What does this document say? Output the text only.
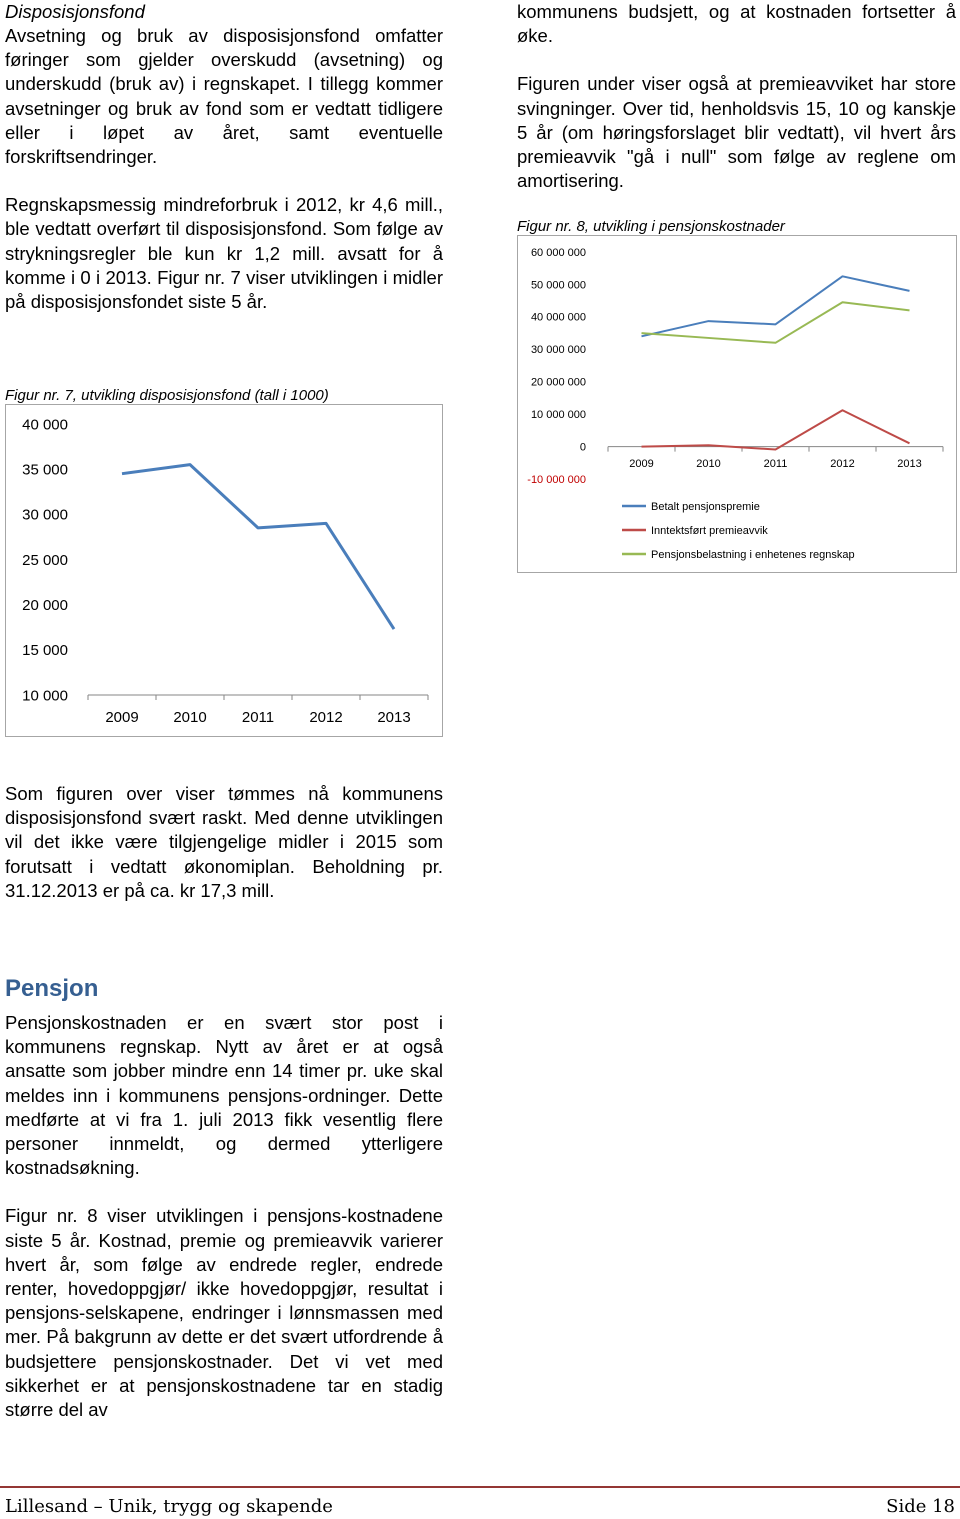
Disposisjonsfond

Avsetning og bruk av disposisjonsfond omfatter føringer som gjelder overskudd (avsetning) og underskudd (bruk av) i regnskapet. I tillegg kommer avsetninger og bruk av fond som er vedtatt tidligere eller i løpet av året, samt eventuelle forskriftsendringer.

Regnskapsmessig mindreforbruk i 2012, kr 4,6 mill., ble vedtatt overført til disposisjonsfond. Som følge av strykningsregler ble kun kr 1,2 mill. avsatt for å komme i 0 i 2013. Figur nr. 7 viser utviklingen i midler på disposisjonsfondet siste 5 år.

Figur nr. 7, utvikling disposisjonsfond (tall i 1000)
10 000
15 000
20 000
25 000
30 000
35 000
40 000
2009 2010 2011 2012 2013

Som figuren over viser tømmes nå kommunens disposisjonsfond svært raskt. Med denne utviklingen vil det ikke være tilgjengelige midler i 2015 som forutsatt i vedtatt økonomiplan. Beholdning pr. 31.12.2013 er på ca. kr 17,3 mill.

Pensjon

Pensjonskostnaden er en svært stor post i kommunens regnskap. Nytt av året er at også ansatte som jobber mindre enn 14 timer pr. uke skal meldes inn i kommunens pensjons-ordninger. Dette medførte at vi fra 1. juli 2013 fikk vesentlig flere personer innmeldt, og dermed ytterligere kostnadsøkning.

Figur nr. 8 viser utviklingen i pensjons-kostnadene siste 5 år. Kostnad, premie og premieavvik varierer hvert år, som følge av endrede regler, endrede renter, hovedoppgjør/ ikke hovedoppgjør, resultat i pensjons-selskapene, endringer i lønnsmassen med mer. På bakgrunn av dette er det svært utfordrende å budsjettere pensjonskostnader. Det vi vet med sikkerhet er at pensjonskostnadene tar en stadig større del av

kommunens budsjett, og at kostnaden fortsetter å øke.

Figuren under viser også at premieavviket har store svingninger. Over tid, henholdsvis 15, 10 og kanskje 5 år (om høringsforslaget blir vedtatt), vil hvert års premieavvik "gå i null" som følge av reglene om amortisering.

Figur nr. 8, utvikling i pensjonskostnader
-10 000 000
0
10 000 000
20 000 000
30 000 000
40 000 000
50 000 000
60 000 000
2009	2010	2011	2012	2013
Betalt pensjonspremie
Inntektsført premieavvik
Pensjonsbelastning i enhetenes regnskap
Lillesand – Unik, trygg og skapende	Side 18
